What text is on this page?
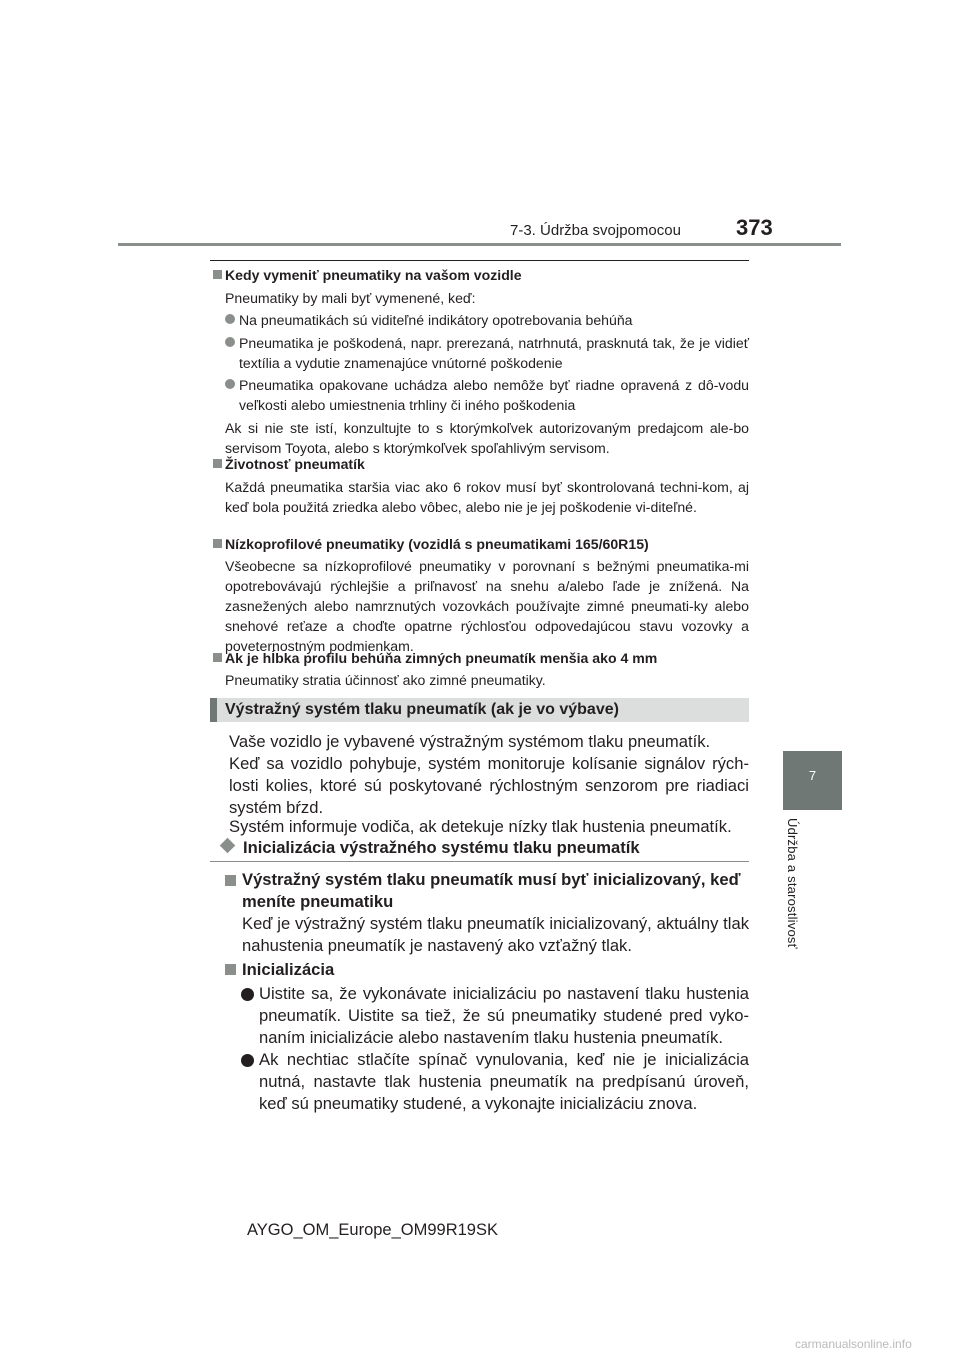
7-3. Údržba svojpomocou	373
7
Údržba a starostlivosť
Kedy vymeniť pneumatiky na vašom vozidle
Pneumatiky by mali byť vymenené, keď:
Na pneumatikách sú viditeľné indikátory opotrebovania behúňa
Pneumatika je poškodená, napr. prerezaná, natrhnutá, prasknutá tak, že je vidieť textília a vydutie znamenajúce vnútorné poškodenie
Pneumatika opakovane uchádza alebo nemôže byť riadne opravená z dô-vodu veľkosti alebo umiestnenia trhliny či iného poškodenia
Ak si nie ste istí, konzultujte to s ktorýmkoľvek autorizovaným predajcom ale-bo servisom Toyota, alebo s ktorýmkoľvek spoľahlivým servisom.
Životnosť pneumatík
Každá pneumatika staršia viac ako 6 rokov musí byť skontrolovaná techni-kom, aj keď bola použitá zriedka alebo vôbec, alebo nie je jej poškodenie vi-diteľné.
Nízkoprofilové pneumatiky (vozidlá s pneumatikami 165/60R15)
Všeobecne sa nízkoprofilové pneumatiky v porovnaní s bežnými pneumatika-mi opotrebovávajú rýchlejšie a priľnavosť na snehu a/alebo ľade je znížená. Na zasnežených alebo namrznutých vozovkách používajte zimné pneumati-ky alebo snehové reťaze a choďte opatrne rýchlosťou odpovedajúcou stavu vozovky a poveternostným podmienkam.
Ak je hĺbka profilu behúňa zimných pneumatík menšia ako 4 mm
Pneumatiky stratia účinnosť ako zimné pneumatiky.
Výstražný systém tlaku pneumatík (ak je vo výbave)
Vaše vozidlo je vybavené výstražným systémom tlaku pneumatík.
Keď sa vozidlo pohybuje, systém monitoruje kolísanie signálov rých-losti kolies, ktoré sú poskytované rýchlostným senzorom pre riadiaci systém bŕzd.
Systém informuje vodiča, ak detekuje nízky tlak hustenia pneumatík.
Inicializácia výstražného systému tlaku pneumatík
Výstražný systém tlaku pneumatík musí byť inicializovaný, keď meníte pneumatiku
Keď je výstražný systém tlaku pneumatík inicializovaný, aktuálny tlak nahustenia pneumatík je nastavený ako vzťažný tlak.
Inicializácia
Uistite sa, že vykonávate inicializáciu po nastavení tlaku hustenia pneumatík. Uistite sa tiež, že sú pneumatiky studené pred vyko-naním inicializácie alebo nastavením tlaku hustenia pneumatík.
Ak nechtiac stlačíte spínač vynulovania, keď nie je inicializácia nutná, nastavte tlak hustenia pneumatík na predpísanú úroveň, keď sú pneumatiky studené, a vykonajte inicializáciu znova.
AYGO_OM_Europe_OM99R19SK
carmanualsonline.info
